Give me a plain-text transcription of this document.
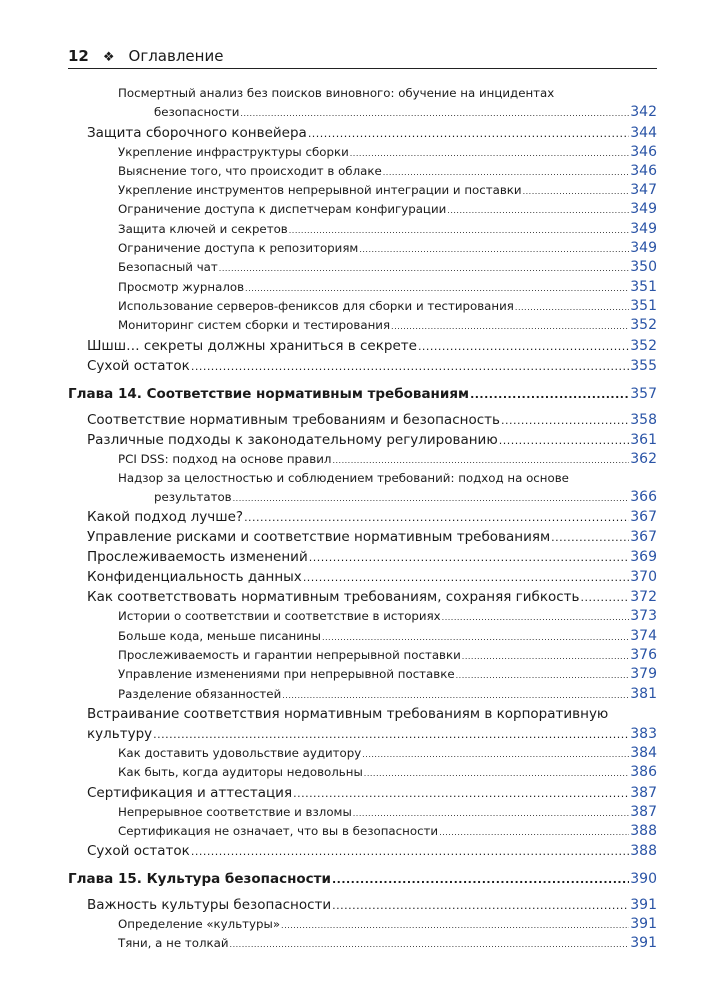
12 ❖ Оглавление
Посмертный анализ без поисков виновного: обучение на инцидентах
безопасности .....	342
Защита сборочного конвейера .....	344
Укрепление инфраструктуры сборки .....	346
Выяснение того, что происходит в облаке .....	346
Укрепление инструментов непрерывной интеграции и поставки .....	347
Ограничение доступа к диспетчерам конфигурации .....	349
Защита ключей и секретов .....	349
Ограничение доступа к репозиториям .....	349
Безопасный чат .....	350
Просмотр журналов .....	351
Использование серверов-фениксов для сборки и тестирования .....	351
Мониторинг систем сборки и тестирования .....	352
Шшш… секреты должны храниться в секрете .....	352
Сухой остаток .....	355
Глава 14. Соответствие нормативным требованиям .....	357
Соответствие нормативным требованиям и безопасность .....	358
Различные подходы к законодательному регулированию .....	361
PCI DSS: подход на основе правил .....	362
Надзор за целостностью и соблюдением требований: подход на основе
результатов .....	366
Какой подход лучше? .....	367
Управление рисками и соответствие нормативным требованиям .....	367
Прослеживаемость изменений .....	369
Конфиденциальность данных .....	370
Как соответствовать нормативным требованиям, сохраняя гибкость .....	372
Истории о соответствии и соответствие в историях .....	373
Больше кода, меньше писанины .....	374
Прослеживаемость и гарантии непрерывной поставки .....	376
Управление изменениями при непрерывной поставке .....	379
Разделение обязанностей .....	381
Встраивание соответствия нормативным требованиям в корпоративную
культуру .....	383
Как доставить удовольствие аудитору .....	384
Как быть, когда аудиторы недовольны .....	386
Сертификация и аттестация .....	387
Непрерывное соответствие и взломы .....	387
Сертификация не означает, что вы в безопасности .....	388
Сухой остаток .....	388
Глава 15. Культура безопасности .....	390
Важность культуры безопасности .....	391
Определение «культуры» .....	391
Тяни, а не толкай .....	391
